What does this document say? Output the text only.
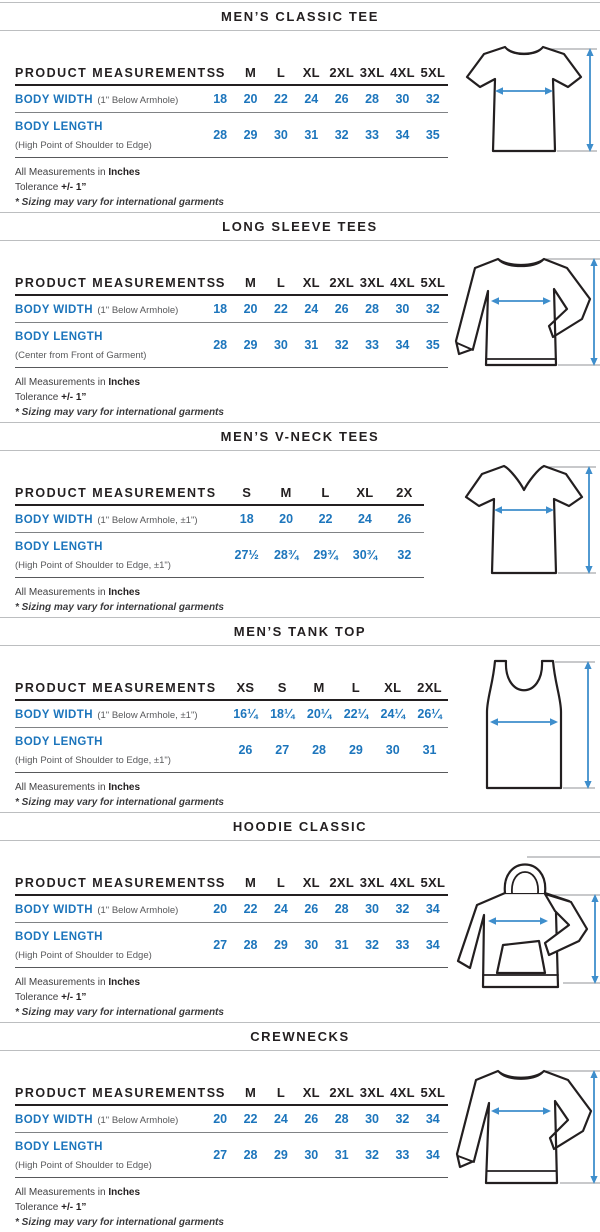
MEN’S CLASSIC TEE
PRODUCT MEASUREMENTS S	M	L	XL 2XL 3XL 4XL 5XL
BODY WIDTH (1" Below Armhole)	18	20	22	24	26	28	30	32
BODY LENGTH (High Point of Shoulder to Edge)
28	29	30	31	32	33	34	35
All Measurements in Inches
Tolerance +/- 1”
* Sizing may vary for international garments
LONG SLEEVE TEES
PRODUCT MEASUREMENTS S	M	L	XL 2XL 3XL 4XL 5XL
BODY WIDTH (1" Below Armhole)	18	20	22	24	26	28	30	32
BODY LENGTH (Center from Front of Garment)
28	29	30	31	32	33	34	35
All Measurements in Inches
Tolerance +/- 1”
* Sizing may vary for international garments
MEN’S V-NECK TEES
PRODUCT MEASUREMENTS	S	M	L	XL	2X
BODY WIDTH (1" Below Armhole, ±1")	18	20	22	24	26
BODY LENGTH (High Point of Shoulder to Edge, ±1")
27½	28¾	29¾	30¾	32
All Measurements in Inches
* Sizing may vary for international garments
MEN’S TANK TOP
PRODUCT MEASUREMENTS	XS	S	M	L	XL	2XL
BODY WIDTH (1" Below Armhole, ±1")	16¼ 18¼ 20¼ 22¼ 24¼ 26¼
BODY LENGTH (High Point of Shoulder to Edge, ±1")
26	27	28	29	30	31
All Measurements in Inches
* Sizing may vary for international garments
HOODIE CLASSIC
PRODUCT MEASUREMENTS S	M	L	XL 2XL 3XL 4XL 5XL
BODY WIDTH (1" Below Armhole)	20	22	24	26	28	30	32	34
BODY LENGTH (High Point of Shoulder to Edge)
27	28	29	30	31	32	33	34
All Measurements in Inches
Tolerance +/- 1”
* Sizing may vary for international garments
CREWNECKS
PRODUCT MEASUREMENTS S	M	L	XL 2XL 3XL 4XL 5XL
BODY WIDTH (1" Below Armhole)	20	22	24	26	28	30	32	34
BODY LENGTH (High Point of Shoulder to Edge)
27	28	29	30	31	32	33	34
All Measurements in Inches
Tolerance +/- 1”
* Sizing may vary for international garments
